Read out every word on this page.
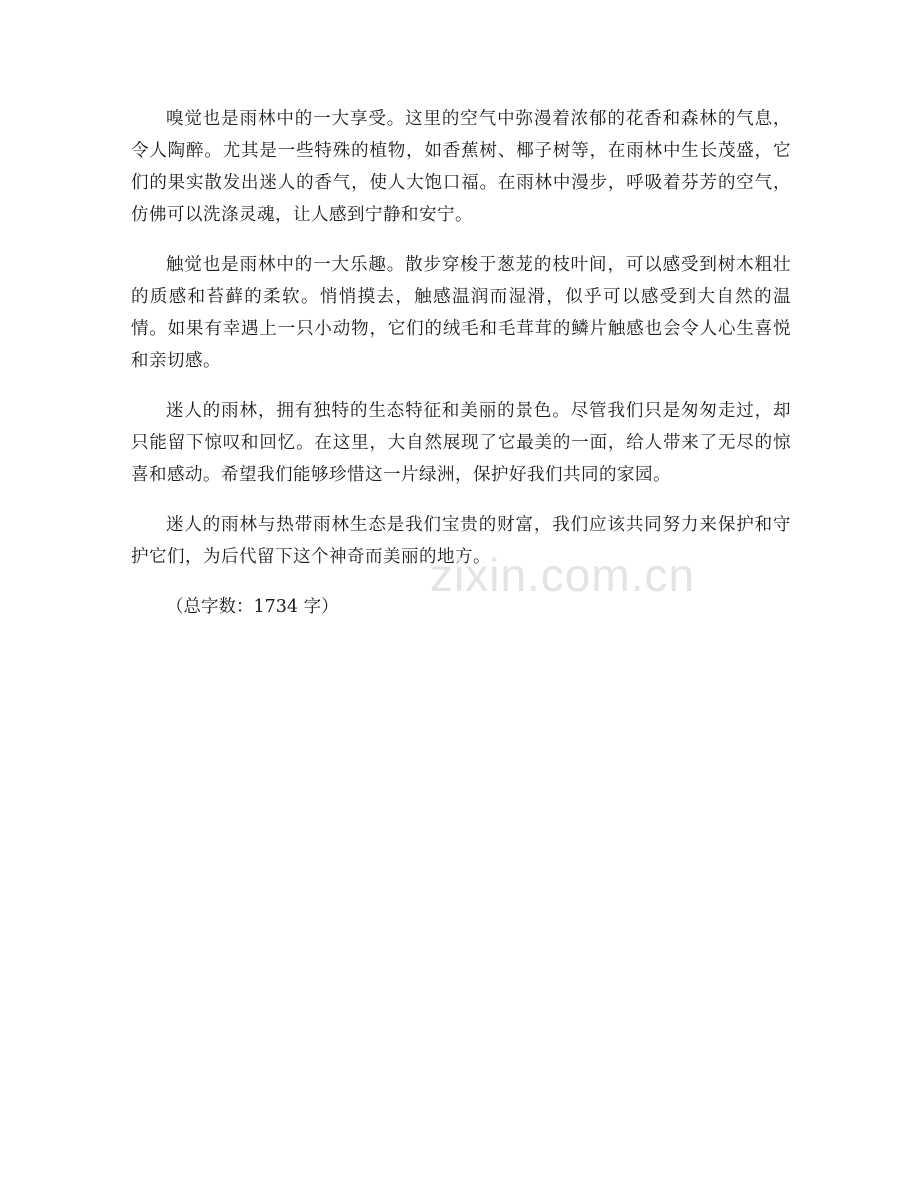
嗅觉也是雨林中的一大享受。这里的空气中弥漫着浓郁的花香和森林的气息，令人陶醉。尤其是一些特殊的植物，如香蕉树、椰子树等，在雨林中生长茂盛，它们的果实散发出迷人的香气，使人大饱口福。在雨林中漫步，呼吸着芬芳的空气，仿佛可以洗涤灵魂，让人感到宁静和安宁。

触觉也是雨林中的一大乐趣。散步穿梭于葱茏的枝叶间，可以感受到树木粗壮的质感和苔藓的柔软。悄悄摸去，触感温润而湿滑，似乎可以感受到大自然的温情。如果有幸遇上一只小动物，它们的绒毛和毛茸茸的鳞片触感也会令人心生喜悦和亲切感。

迷人的雨林，拥有独特的生态特征和美丽的景色。尽管我们只是匆匆走过，却只能留下惊叹和回忆。在这里，大自然展现了它最美的一面，给人带来了无尽的惊喜和感动。希望我们能够珍惜这一片绿洲，保护好我们共同的家园。

迷人的雨林与热带雨林生态是我们宝贵的财富，我们应该共同努力来保护和守护它们，为后代留下这个神奇而美丽的地方。

（总字数：1734 字）

zixin.com.cn
